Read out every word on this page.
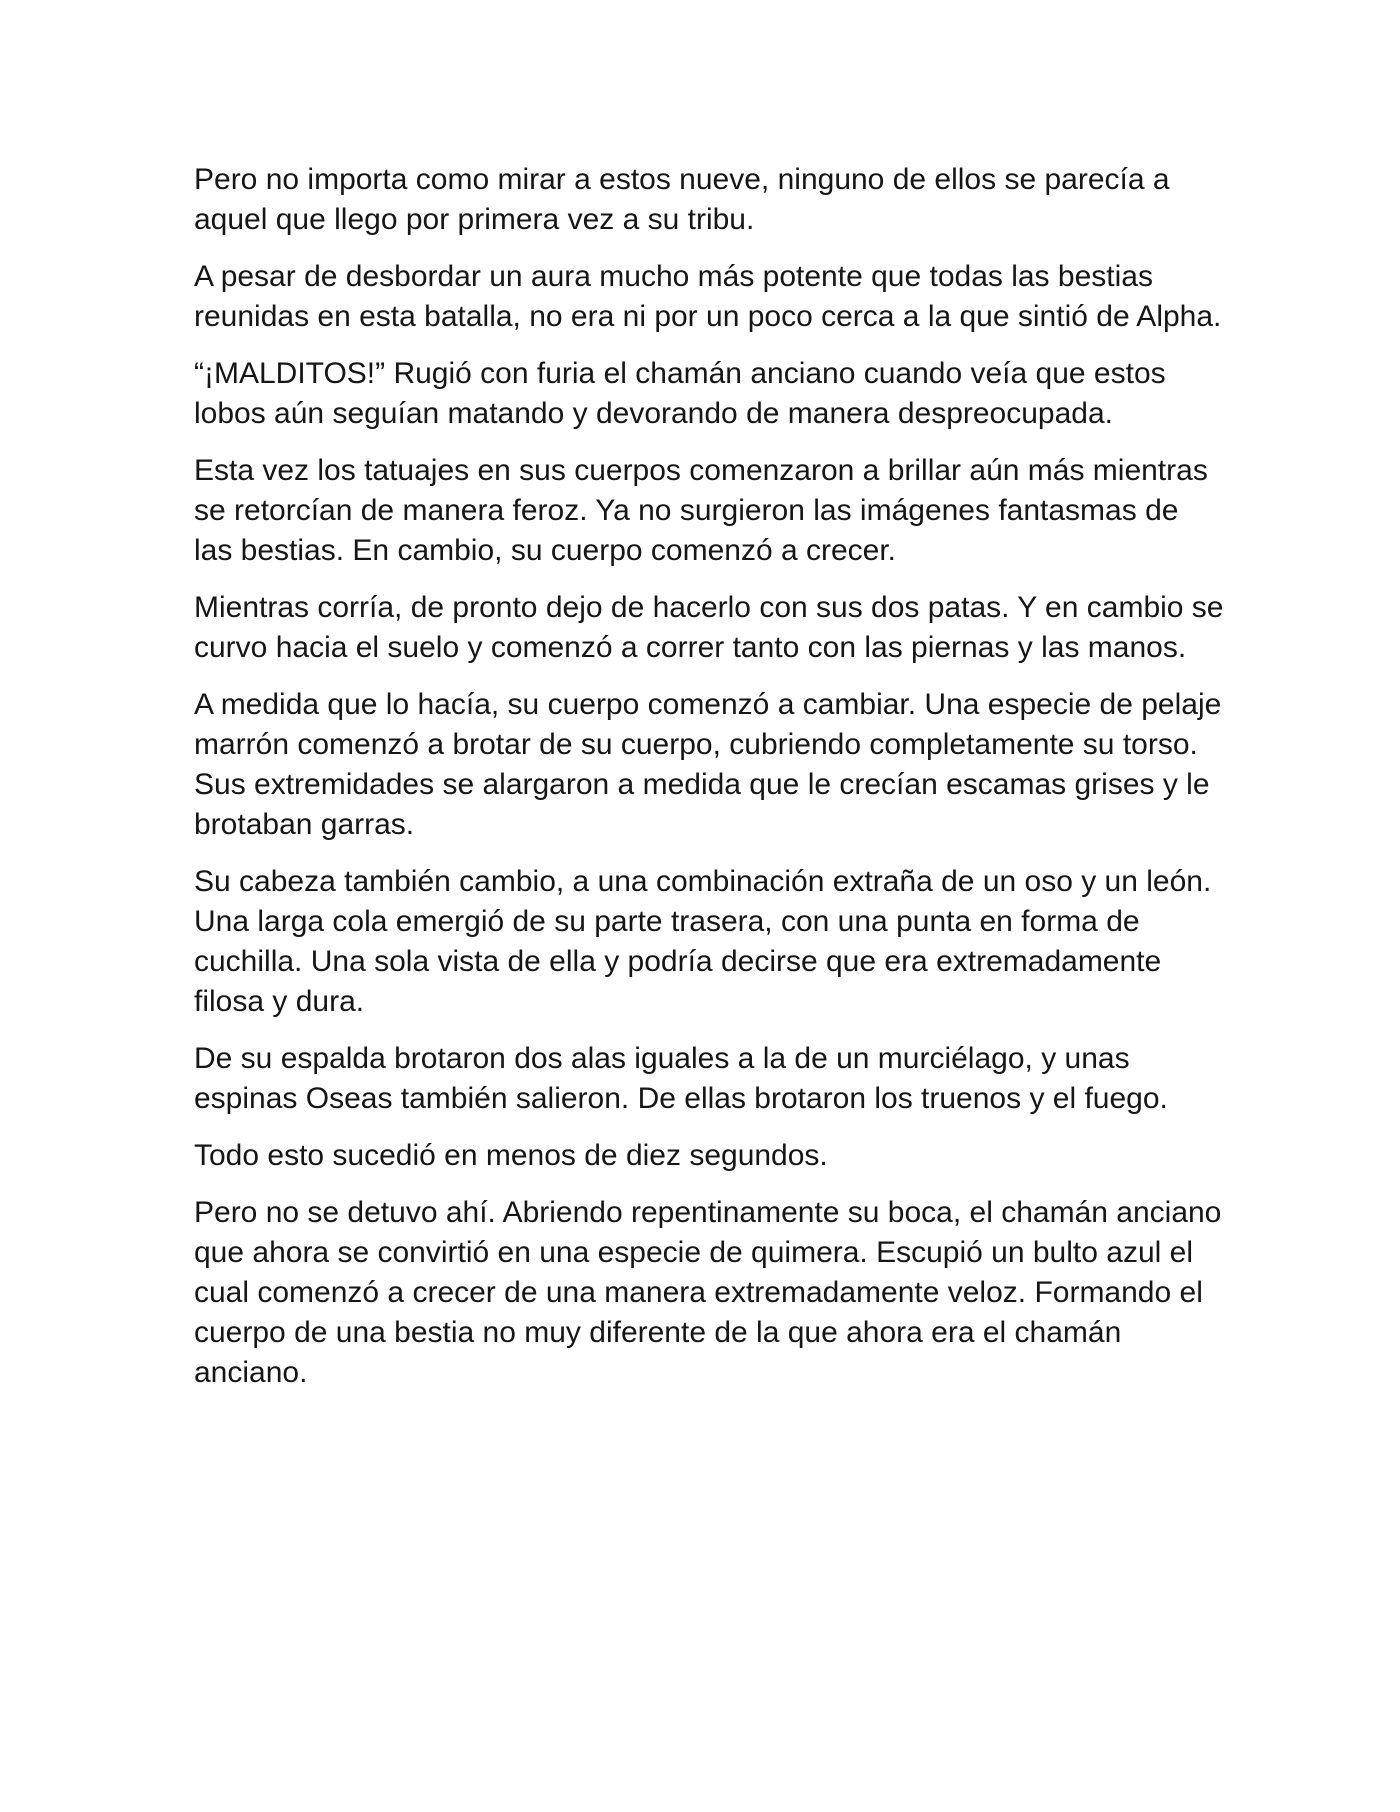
Pero no importa como mirar a estos nueve, ninguno de ellos se parecía a aquel que llego por primera vez a su tribu.

A pesar de desbordar un aura mucho más potente que todas las bestias reunidas en esta batalla, no era ni por un poco cerca a la que sintió de Alpha.

“¡MALDITOS!” Rugió con furia el chamán anciano cuando veía que estos lobos aún seguían matando y devorando de manera despreocupada.

Esta vez los tatuajes en sus cuerpos comenzaron a brillar aún más mientras se retorcían de manera feroz. Ya no surgieron las imágenes fantasmas de las bestias. En cambio, su cuerpo comenzó a crecer.

Mientras corría, de pronto dejo de hacerlo con sus dos patas. Y en cambio se curvo hacia el suelo y comenzó a correr tanto con las piernas y las manos.

A medida que lo hacía, su cuerpo comenzó a cambiar. Una especie de pelaje marrón comenzó a brotar de su cuerpo, cubriendo completamente su torso. Sus extremidades se alargaron a medida que le crecían escamas grises y le brotaban garras.

Su cabeza también cambio, a una combinación extraña de un oso y un león. Una larga cola emergió de su parte trasera, con una punta en forma de cuchilla. Una sola vista de ella y podría decirse que era extremadamente filosa y dura.

De su espalda brotaron dos alas iguales a la de un murciélago, y unas espinas Oseas también salieron. De ellas brotaron los truenos y el fuego.

Todo esto sucedió en menos de diez segundos.

Pero no se detuvo ahí. Abriendo repentinamente su boca, el chamán anciano que ahora se convirtió en una especie de quimera. Escupió un bulto azul el cual comenzó a crecer de una manera extremadamente veloz. Formando el cuerpo de una bestia no muy diferente de la que ahora era el chamán anciano.
